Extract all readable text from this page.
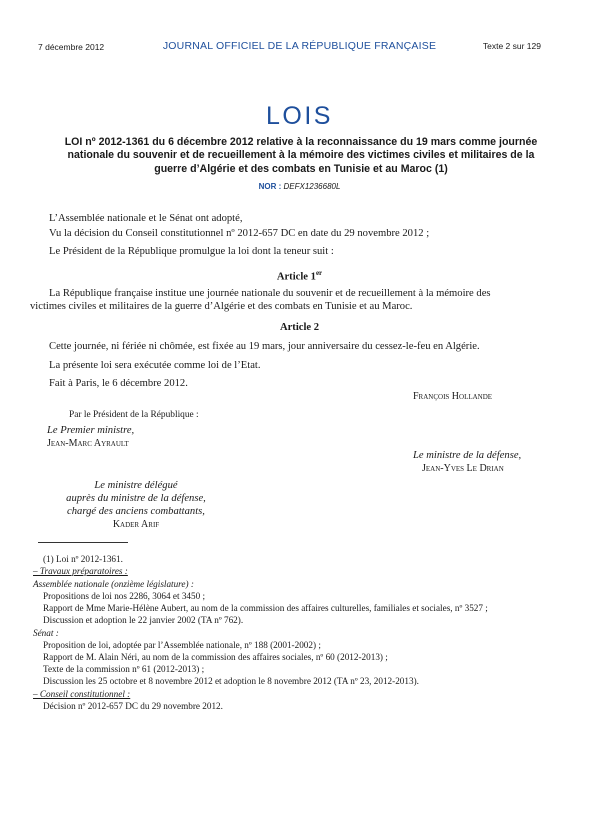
7 décembre 2012	JOURNAL OFFICIEL DE LA RÉPUBLIQUE FRANÇAISE	Texte 2 sur 129
LOIS
LOI nº 2012-1361 du 6 décembre 2012 relative à la reconnaissance du 19 mars comme journée
nationale du souvenir et de recueillement à la mémoire des victimes civiles et militaires de la
guerre d’Algérie et des combats en Tunisie et au Maroc (1)
NOR : DEFX1236680L
L’Assemblée nationale et le Sénat ont adopté,
Vu la décision du Conseil constitutionnel nº 2012-657 DC en date du 29 novembre 2012 ;
Le Président de la République promulgue la loi dont la teneur suit :
Article 1er
La République française institue une journée nationale du souvenir et de recueillement à la mémoire des
victimes civiles et militaires de la guerre d’Algérie et des combats en Tunisie et au Maroc.
Article 2
Cette journée, ni fériée ni chômée, est fixée au 19 mars, jour anniversaire du cessez-le-feu en Algérie.
La présente loi sera exécutée comme loi de l’Etat.
Fait à Paris, le 6 décembre 2012.
François Hollande
Par le Président de la République :
Le Premier ministre,
Jean-Marc Ayrault
Le ministre de la défense,
Jean-Yves Le Drian
Le ministre délégué
auprès du ministre de la défense,
chargé des anciens combattants,
Kader Arif
(1) Loi nº 2012-1361.
– Travaux préparatoires :
Assemblée nationale (onzième législature) :
Propositions de loi nos 2286, 3064 et 3450 ;
Rapport de Mme Marie-Hélène Aubert, au nom de la commission des affaires culturelles, familiales et sociales, nº 3527 ;
Discussion et adoption le 22 janvier 2002 (TA nº 762).
Sénat :
Proposition de loi, adoptée par l’Assemblée nationale, nº 188 (2001-2002) ;
Rapport de M. Alain Néri, au nom de la commission des affaires sociales, nº 60 (2012-2013) ;
Texte de la commission nº 61 (2012-2013) ;
Discussion les 25 octobre et 8 novembre 2012 et adoption le 8 novembre 2012 (TA nº 23, 2012-2013).
– Conseil constitutionnel :
Décision nº 2012-657 DC du 29 novembre 2012.
